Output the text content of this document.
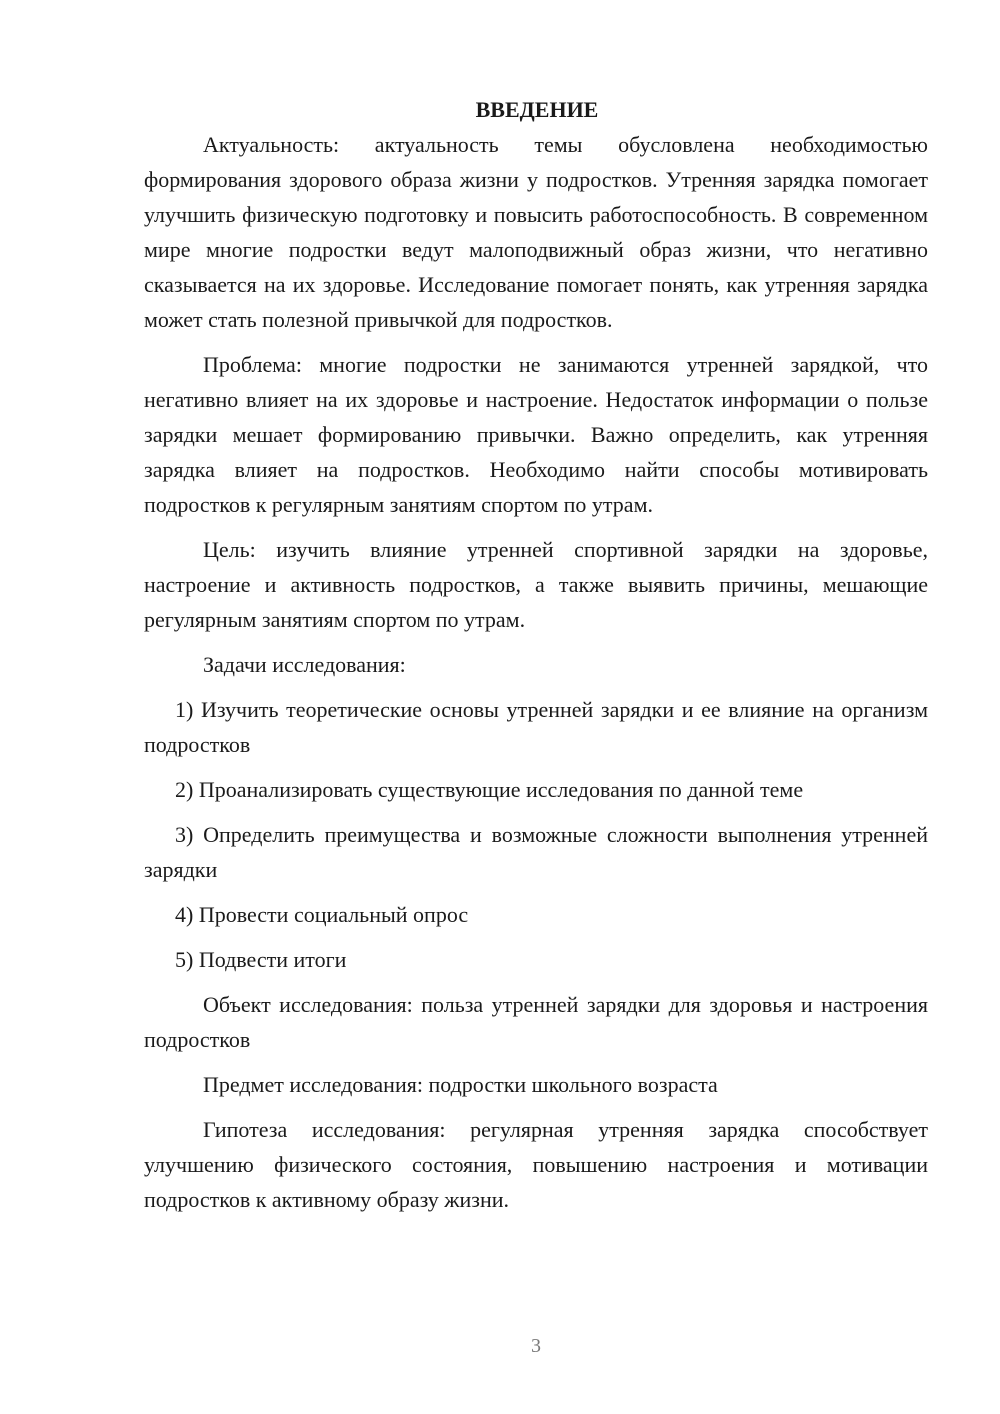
ВВЕДЕНИЕ

Актуальность: актуальность темы обусловлена необходимостью формирования здорового образа жизни у подростков. Утренняя зарядка помогает улучшить физическую подготовку и повысить работоспособность. В современном мире многие подростки ведут малоподвижный образ жизни, что негативно сказывается на их здоровье. Исследование помогает понять, как утренняя зарядка может стать полезной привычкой для подростков.

Проблема: многие подростки не занимаются утренней зарядкой, что негативно влияет на их здоровье и настроение. Недостаток информации о пользе зарядки мешает формированию привычки. Важно определить, как утренняя зарядка влияет на подростков. Необходимо найти способы мотивировать подростков к регулярным занятиям спортом по утрам.

Цель: изучить влияние утренней спортивной зарядки на здоровье, настроение и активность подростков, а также выявить причины, мешающие регулярным занятиям спортом по утрам.

Задачи исследования:

1) Изучить теоретические основы утренней зарядки и ее влияние на организм подростков

2) Проанализировать существующие исследования по данной теме

3) Определить преимущества и возможные сложности выполнения утренней зарядки

4) Провести социальный опрос

5) Подвести итоги

Объект исследования: польза утренней зарядки для здоровья и настроения подростков

Предмет исследования: подростки школьного возраста

Гипотеза исследования: регулярная утренняя зарядка способствует улучшению физического состояния, повышению настроения и мотивации подростков к активному образу жизни.

3
